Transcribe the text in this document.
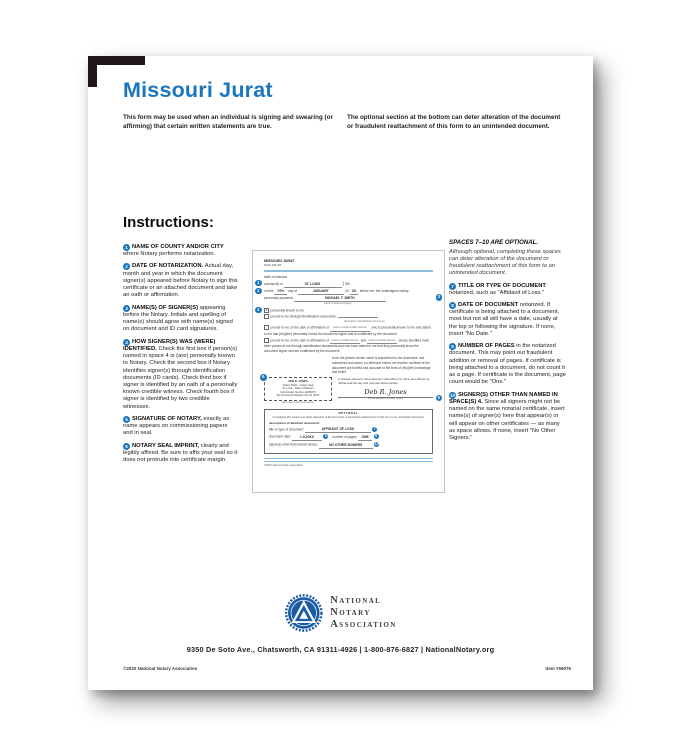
Missouri Jurat

This form may be used when an individual is signing and swearing (or affirming) that certain written statements are true.

The optional section at the bottom can deter alteration of the document or fraudulent reattachment of this form to an unintended document.

Instructions:
1 NAME OF COUNTY AND/OR CITY where Notary performs notarization.
2 DATE OF NOTARIZATION. Actual day, month and year in which the document signer(s) appeared before Notary to sign this certificate or an attached document and take an oath or affirmation.
3 NAME(S) OF SIGNER(S) appearing before the Notary. Initials and spelling of name(s) should agree with name(s) signed on document and ID card signatures.
4 HOW SIGNER(S) WAS (WERE) IDENTIFIED. Check the first box if person(s) named in space 4 is (are) personally known to Notary. Check the second box if Notary identifies signer(s) through identification documents (ID cards). Check third box if signer is identified by an oath of a personally known credible witness. Check fourth box if signer is identified by two credible witnesses.
5 SIGNATURE OF NOTARY, exactly as name appears on commissioning papers and in seal.
6 NOTARY SEAL IMPRINT, clearly and legibly affixed. Be sure to affix your seal so it does not protrude into certificate margin.
MISSOURI JURAT
RSMo 486.285
state of missouri
1	county/city of	ST. LOUIS	} ss.
2	on this 9TH day of	JANUARY	, 20 XX , before me, the undersigned notary,
personally appeared	MICHAEL T. SMITH	3
(name of document signer)
4	x personally known to me
proved to me through identification documents:
(description of identification documents)
proved to me on the oath or affirmation of (name of single credible witness) , who is personally known to me and stated to me that (he)(she) personally knows the document signer and is unaffected by the document
proved to me on the oath or affirmation of (name of credible witness) and (name of credible witness) , whose identities have been proven to me through identification documents and who have stated to me that they personally know the document signer and are unaffected by the document
to be the person whose name is subscribed to the document, and subscribed and swore (or affirmed) before me that the contents of the document are truthful and accurate to the best of (his)(her) knowledge and belief.
6
DEB R. JONES
Notary Public – Notary Seal
St. Louis – State of Missouri
Commission Number 12345678
My Commission Expires Jan 09, 20XX
(affix notary seal imprint above)
in witness whereof I have hereunto subscribed my name and affixed my official seal the day and year last above written.
Deb R. Jones
(official signature of Notary Public)	5
OPTIONAL
Completing this section can deter alteration of the document or fraudulent reattachment of this form to an unintended document.
description of attached document:
title or type of document:	AFFIDAVIT OF LOSS	7
document date:	1-9-20XX	8 number of pages: ONE 9
signer(s) other than named above:	NO OTHER SIGNERS	10
©2020 national notary association
SPACES 7–10 ARE OPTIONAL.
Although optional, completing these spaces can deter alteration of the document or fraudulent reattachment of this form to an unintended document.
7 TITLE OR TYPE OF DOCUMENT notarized, such as "Affidavit of Loss."
8 DATE OF DOCUMENT notarized. If certificate is being attached to a document, most but not all will have a date, usually at the top or following the signature. If none, insert "No Date."
9 NUMBER OF PAGES in the notarized document. This may point out fraudulent addition or removal of pages. If certificate is being attached to a document, do not count it as a page. If certificate is the document, page count would be "One."
10 SIGNER(S) OTHER THAN NAMED IN SPACE(S) 4. Since all signers might not be named on the same notarial certificate, insert name(s) of signer(s) here that appear(s) or will appear on other certificates — as many as space allows. If none, insert "No Other Signers."
National
Notary
Association
9350 De Soto Ave., Chatsworth, CA 91311-4926 | 1-800-876-6827 | NationalNotary.org
©2020 National Notary Association	Item #59076
